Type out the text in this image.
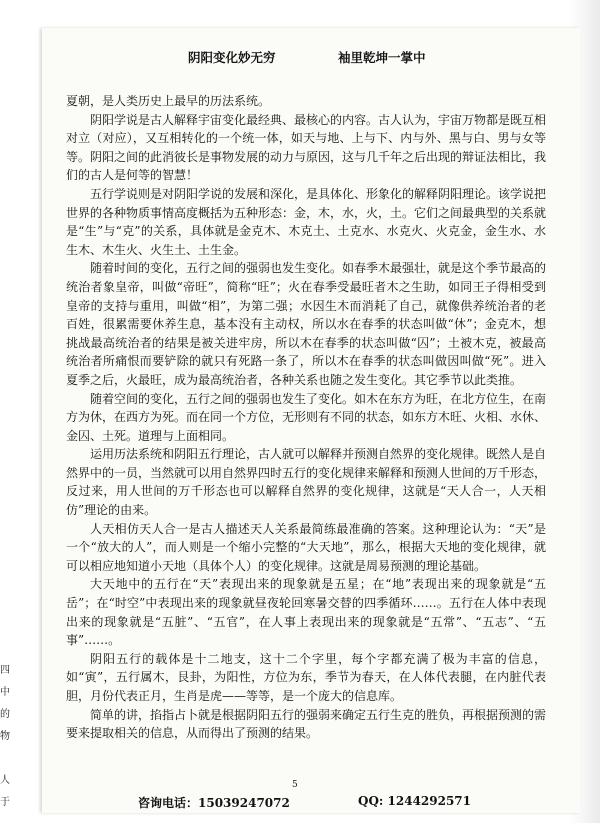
四
中
的
物

人
于
阴阳变化妙无穷	袖里乾坤一掌中

夏朝，是人类历史上最早的历法系统。

阴阳学说是古人解释宇宙变化最经典、最核心的内容。古人认为，宇宙万物都是既互相对立（对应），又互相转化的一个统一体，如天与地、上与下、内与外、黑与白、男与女等等。阴阳之间的此消彼长是事物发展的动力与原因，这与几千年之后出现的辩证法相比，我们的古人是何等的智慧！

五行学说则是对阴阳学说的发展和深化，是具体化、形象化的解释阴阳理论。该学说把世界的各种物质事情高度概括为五种形态：金，木，水，火，土。它们之间最典型的关系就是“生”与“克”的关系，具体就是金克木、木克土、土克水、水克火、火克金，金生水、水生木、木生火、火生土、土生金。

随着时间的变化，五行之间的强弱也发生变化。如春季木最强壮，就是这个季节最高的统治者象皇帝，叫做“帝旺”，简称“旺”；火在春季受最旺者木之生助，如同王子得相受到皇帝的支持与重用，叫做“相”，为第二强；水因生木而消耗了自己，就像供养统治者的老百姓，很累需要休养生息，基本没有主动权，所以水在春季的状态叫做“休”；金克木，想挑战最高统治者的结果是被关进牢房，所以木在春季的状态叫做“囚”；土被木克，被最高统治者所痛恨而要铲除的就只有死路一条了，所以木在春季的状态叫做因叫做“死”。进入夏季之后，火最旺，成为最高统治者，各种关系也随之发生变化。其它季节以此类推。

随着空间的变化，五行之间的强弱也发生了变化。如木在东方为旺，在北方位生，在南方为休，在西方为死。而在同一个方位，无形则有不同的状态，如东方木旺、火相、水休、金囚、土死。道理与上面相同。

运用历法系统和阴阳五行理论，古人就可以解释并预测自然界的变化规律。既然人是自然界中的一员，当然就可以用自然界四时五行的变化规律来解释和预测人世间的万千形态，反过来，用人世间的万千形态也可以解释自然界的变化规律，这就是“天人合一，人天相仿”理论的由来。

人天相仿天人合一是古人描述天人关系最简练最准确的答案。这种理论认为：“天”是一个“放大的人”，而人则是一个缩小完整的“大天地”，那么，根据大天地的变化规律，就可以相应地知道小天地（具体个人）的变化规律。这就是周易预测的理论基础。

大天地中的五行在“天”表现出来的现象就是五星；在“地”表现出来的现象就是“五岳”；在“时空”中表现出来的现象就昼夜轮回寒暑交替的四季循环……。五行在人体中表现出来的现象就是“五脏”、“五官”，在人事上表现出来的现象就是“五常”、“五志”、“五事”……。

阴阳五行的载体是十二地支，这十二个字里，每个字都充满了极为丰富的信息，如“寅”，五行属木，艮卦，为阳性，方位为东，季节为春天，在人体代表腿，在内脏代表胆，月份代表正月，生肖是虎——等等，是一个庞大的信息库。

简单的讲，掐指占卜就是根据阴阳五行的强弱来确定五行生克的胜负，再根据预测的需要来提取相关的信息，从而得出了预测的结果。

5
咨询电话：15039247072	QQ: 1244292571
